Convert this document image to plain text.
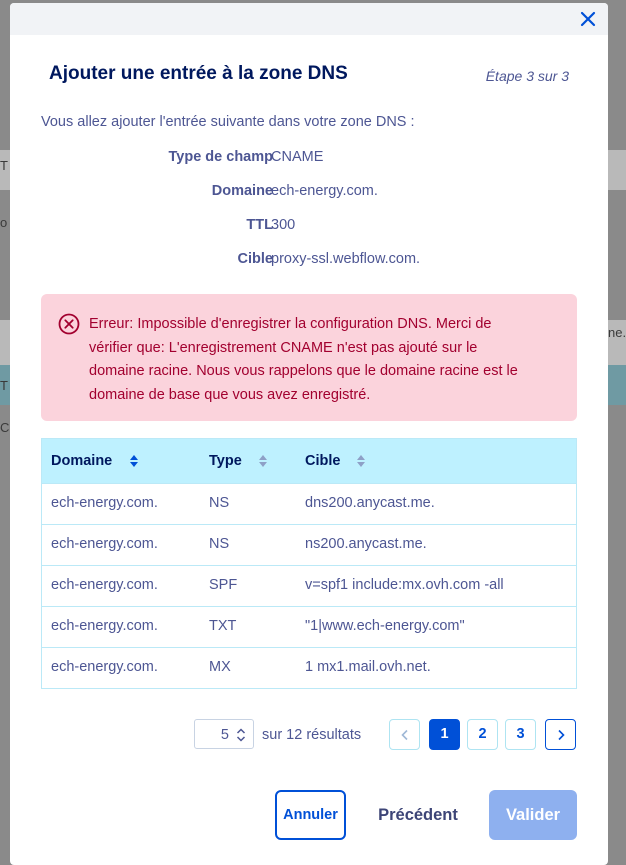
T
o
T
C
ne.
Ajouter une entrée à la zone DNS	Étape 3 sur 3
Vous allez ajouter l'entrée suivante dans votre zone DNS :
Type de champ
CNAME
Domaine
ech-energy.com.
TTL
300
Cible
proxy-ssl.webflow.com.
Erreur: Impossible d'enregistrer la configuration DNS. Merci de
vérifier que: L'enregistrement CNAME n'est pas ajouté sur le
domaine racine. Nous vous rappelons que le domaine racine est le
domaine de base que vous avez enregistré.
Domaine	Type	Cible
ech-energy.com.	NS	dns200.anycast.me.
ech-energy.com.	NS	ns200.anycast.me.
ech-energy.com.	SPF	v=spf1 include:mx.ovh.com -all
ech-energy.com.	TXT	"1|www.ech-energy.com"
ech-energy.com.	MX	1 mx1.mail.ovh.net.
5 sur 12 résultats	1	2	3
Annuler	Précédent	Valider
